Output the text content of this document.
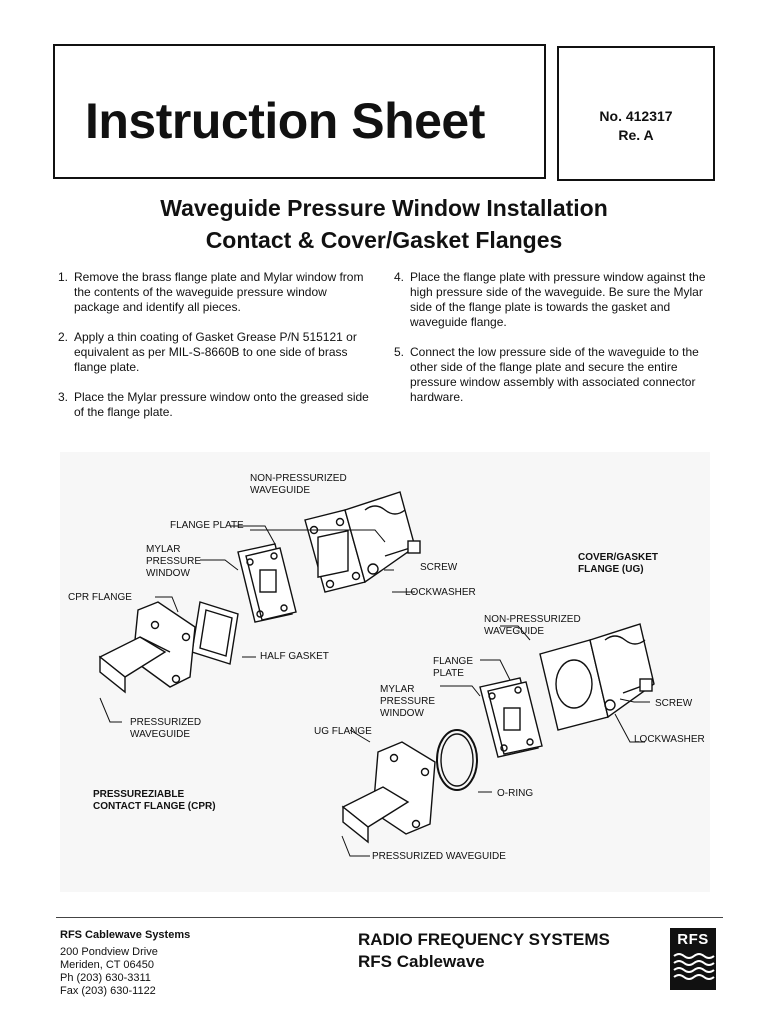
Instruction Sheet	No. 412317
Re. A
Waveguide Pressure Window Installation
Contact & Cover/Gasket Flanges
1. Remove the brass flange plate and Mylar window from the contents of the waveguide pressure window package and identify all pieces.
2. Apply a thin coating of Gasket Grease P/N 515121 or equivalent as per MIL-S-8660B to one side of brass flange plate.
3. Place the Mylar pressure window onto the greased side of the flange plate.
4. Place the flange plate with pressure window against the high pressure side of the waveguide. Be sure the Mylar side of the flange plate is towards the gasket and waveguide flange.
5. Connect the low pressure side of the waveguide to the other side of the flange plate and secure the entire pressure window assembly with associated connector hardware.
NON-PRESSURIZED WAVEGUIDE
FLANGE PLATE
MYLAR PRESSURE WINDOW
SCREW
LOCKWASHER
CPR FLANGE
HALF GASKET
PRESSURIZED WAVEGUIDE
PRESSUREZIABLE
CONTACT FLANGE (CPR)
COVER/GASKET
FLANGE (UG)
NON-PRESSURIZED WAVEGUIDE
FLANGE PLATE
MYLAR PRESSURE WINDOW
SCREW
LOCKWASHER
UG FLANGE
O-RING
PRESSURIZED WAVEGUIDE
RFS Cablewave Systems
200 Pondview Drive
Meriden, CT 06450
Ph (203) 630-3311
Fax (203) 630-1122
RADIO FREQUENCY SYSTEMS
RFS Cablewave
RFS
